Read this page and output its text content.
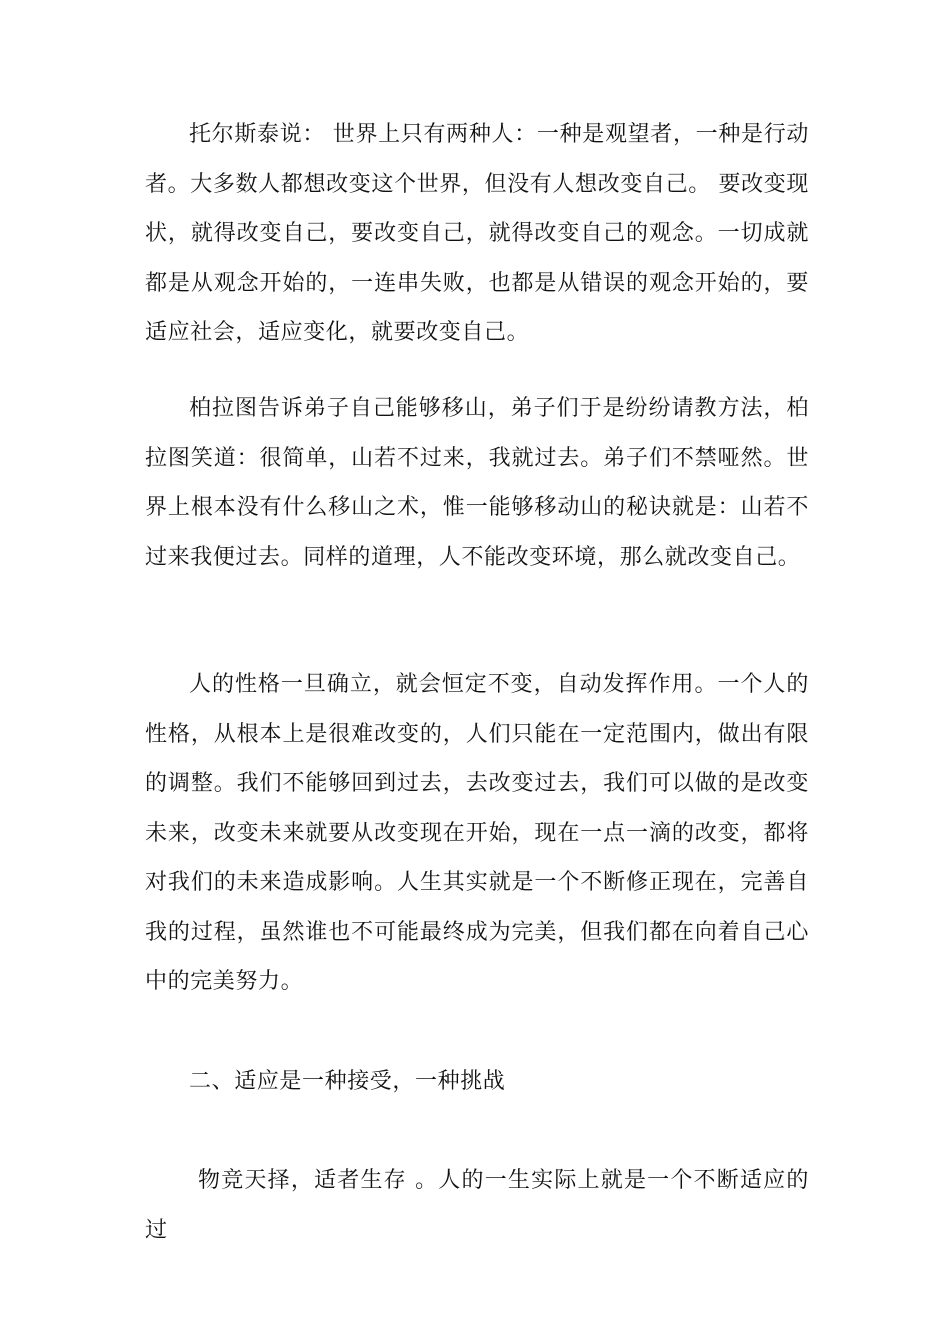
托尔斯泰说： 世界上只有两种人：一种是观望者，一种是行动者。大多数人都想改变这个世界，但没有人想改变自己。 要改变现状，就得改变自己，要改变自己，就得改变自己的观念。一切成就都是从观念开始的，一连串失败，也都是从错误的观念开始的，要适应社会，适应变化，就要改变自己。

柏拉图告诉弟子自己能够移山，弟子们于是纷纷请教方法，柏拉图笑道：很简单，山若不过来，我就过去。弟子们不禁哑然。世界上根本没有什么移山之术，惟一能够移动山的秘诀就是：山若不过来我便过去。同样的道理，人不能改变环境，那么就改变自己。

人的性格一旦确立，就会恒定不变，自动发挥作用。一个人的性格，从根本上是很难改变的，人们只能在一定范围内，做出有限的调整。我们不能够回到过去，去改变过去，我们可以做的是改变未来，改变未来就要从改变现在开始，现在一点一滴的改变，都将对我们的未来造成影响。人生其实就是一个不断修正现在，完善自我的过程，虽然谁也不可能最终成为完美，但我们都在向着自己心中的完美努力。

二、适应是一种接受，一种挑战

物竞天择，适者生存 。人的一生实际上就是一个不断适应的过
